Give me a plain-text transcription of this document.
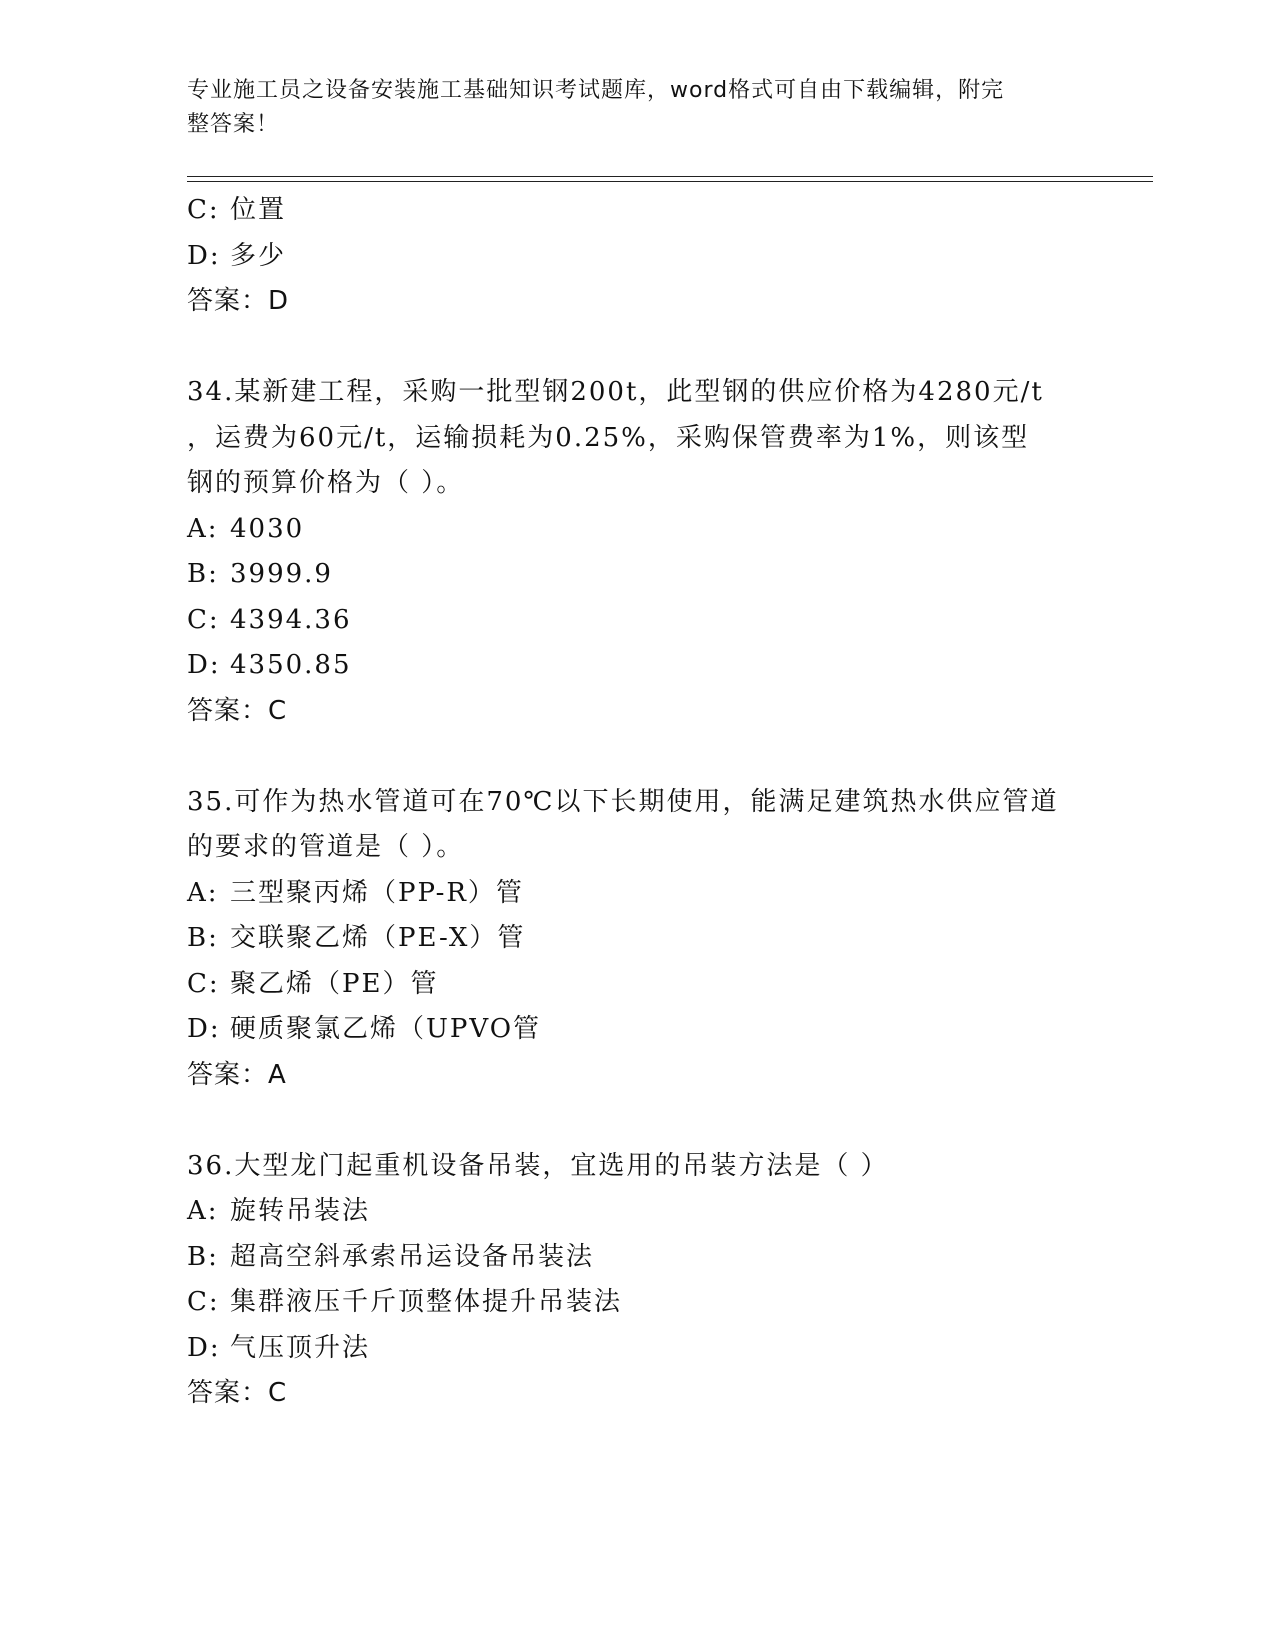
专业施工员之设备安装施工基础知识考试题库，word格式可自由下载编辑，附完
整答案！
C: 位置
D: 多少
答案：D
34.某新建工程，采购一批型钢200t，此型钢的供应价格为4280元/t
，运费为60元/t，运输损耗为0.25%，采购保管费率为1%，则该型
钢的预算价格为（ ）。
A: 4030
B: 3999.9
C: 4394.36
D: 4350.85
答案：C
35.可作为热水管道可在70℃以下长期使用，能满足建筑热水供应管道
的要求的管道是（ ）。
A: 三型聚丙烯（PP-R）管
B: 交联聚乙烯（PE-X）管
C: 聚乙烯（PE）管
D: 硬质聚氯乙烯（UPVO管
答案：A
36.大型龙门起重机设备吊装，宜选用的吊装方法是（ ）
A: 旋转吊装法
B: 超高空斜承索吊运设备吊装法
C: 集群液压千斤顶整体提升吊装法
D: 气压顶升法
答案：C
